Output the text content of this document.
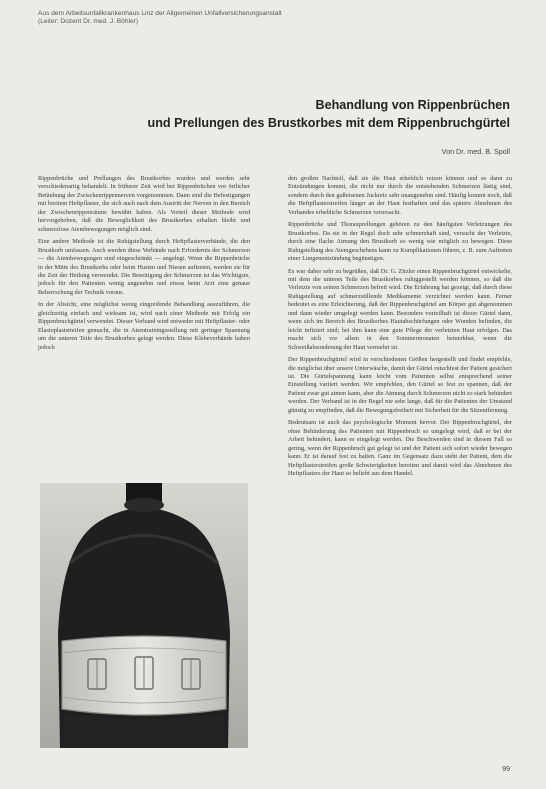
Aus dem Arbeitsunfallkrankenhaus Linz der Allgemeinen Unfallversicherungsanstalt
(Leiter: Dozent Dr. med. J. Böhler)
Behandlung von Rippenbrüchen
und Prellungen des Brustkorbes mit dem Rippenbruchgürtel
Von Dr. med. B. Spoll

Rippenbrüche und Prellungen des Brustkorbes wurden und werden sehr verschiedenartig behandelt. In früherer Zeit wird bei Rippenbrüchen vor örtlicher Betäubung der Zwischenrippennerven vorgenommen. Dann sind die Befestigungen mit breitem Heftpflaster, die sich auch nach dem Austritt der Nerven in den Bereich der Zwischenrippenräume bewährt haben. Als Vorteil dieser Methode wird hervorgehoben, daß die Beweglichkeit des Brustkorbes erhalten bleibt und schmerzlose Atembewegungen möglich sind.

Eine andere Methode ist die Ruhigstellung durch Heftpflasterverbände, die den Brustkorb umfassen. Auch werden diese Verbände nach Erfordernis der Schmerzen — die Atembewegungen sind eingeschränkt — angelegt. Wenn die Rippenbrüche in der Mitte des Brustkorbs oder beim Husten und Niesen auftreten, werden sie für die Zeit der Heilung verwendet. Die Beseitigung der Schmerzen ist das Wichtigste, jedoch für den Patienten wenig angenehm und etwas beim Arzt eine genaue Beherrschung der Technik voraus.

In der Absicht, eine möglichst wenig eingreifende Behandlung auszuführen, die gleichzeitig einfach und wirksam ist, wird nach einer Methode mit Erfolg ein Rippenbruchgürtel verwendet. Dieser Verband wird entweder mit Heftpflaster- oder Elastoplaststreifen gemacht, die in Atemtrainingsstellung mit geringer Spannung um die unteren Teile des Brustkorbes gelegt werden. Diese Klebeverbände haben jedoch

den großen Nachteil, daß sie die Haut erheblich reizen können und es dann zu Entzündungen kommt, die nicht nur durch die entstehenden Schmerzen lästig sind, sondern durch den gußeisenen Juckreiz sehr unangenehm sind. Häufig kommt noch, daß die Heftpflasterstreifen länger an der Haut festhaften und das spätere Abnehmen des Verbandes erhebliche Schmerzen verursacht.

Rippenbrüche und Thoraxprellungen gehören zu den häufigsten Verletzungen des Brustkorbes. Da sie in der Regel doch sehr schmerzhaft sind, versucht der Verletzte, durch eine flache Atmung den Brustkorb so wenig wie möglich zu bewegen. Diese Ruhigstellung des Atemgeschehens kann zu Komplikationen führen, z. B. zum Auftreten einer Lungenentzündung begünstigen.

Es war daher sehr zu begrüßen, daß Dr. G. Zitzler einen Rippenbruchgürtel entwickelte, mit dem die unteren Teile des Brustkorbes ruhiggestellt werden können, so daß die Verletzte von seinen Schmerzen befreit wird. Die Erfahrung hat gezeigt, daß durch diese Ruhigstellung auf schmerzstillende Medikamente verzichtet werden kann. Ferner bedeutet es eine Erleichterung, daß der Rippenbruchgürtel am Körper gut abgenommen und dann wieder umgelegt werden kann. Besonders vorteilhaft ist dieser Gürtel dann, wenn sich im Bereich des Brustkorbes Hautabschürfungen oder Wunden befinden, die leicht infiziert sind; bei ihm kann eine gute Pflege der verletzten Haut erfolgen. Das macht sich vor allem in den Sommermonaten bemerkbar, wenn die Schweißabsonderung der Haut vermehrt ist.

Der Rippenbruchgürtel wird in verschiedenen Größen hergestellt und findet empfehle, die möglichst über unsere Unterwäsche, damit der Gürtel rutschfest der Patient gesichert ist. Die Gürtelspannung kann leicht vom Patienten selbst entsprechend seiner Einstellung variiert werden. Wir empfehlen, den Gürtel so fest zu spannen, daß der Patient zwar gut atmen kann, aber die Atmung durch Schmerzen nicht so stark behindert werden. Der Verband ist in der Regel nie sehr lange, daß für die Patienten der Umstand günstig zu empfinden, daß die Bewegungsfreiheit mit Sicherheit für die Sitzentfernung.

Bedeutsam ist auch das psychologische Moment hervor. Der Rippenbruchgürtel, der ohne Behinderung des Patienten mit Rippenbruch so umgelegt wird, daß er bei der Arbeit behindert, kann es eingelegt werden. Die Beschwerden sind in diesem Fall so gering, wenn der Rippenbruch gut gelegt ist und der Patient sich sofort wieder bewegen kann. Er ist darauf fest zu halten. Ganz im Gegensatz dazu steht der Patient, dem die Heftpflasterstreifen große Schwierigkeiten bereiten und damit wird das Abnehmen des Heftpflasters der Haut so beliebt aus dem Handel.

99
